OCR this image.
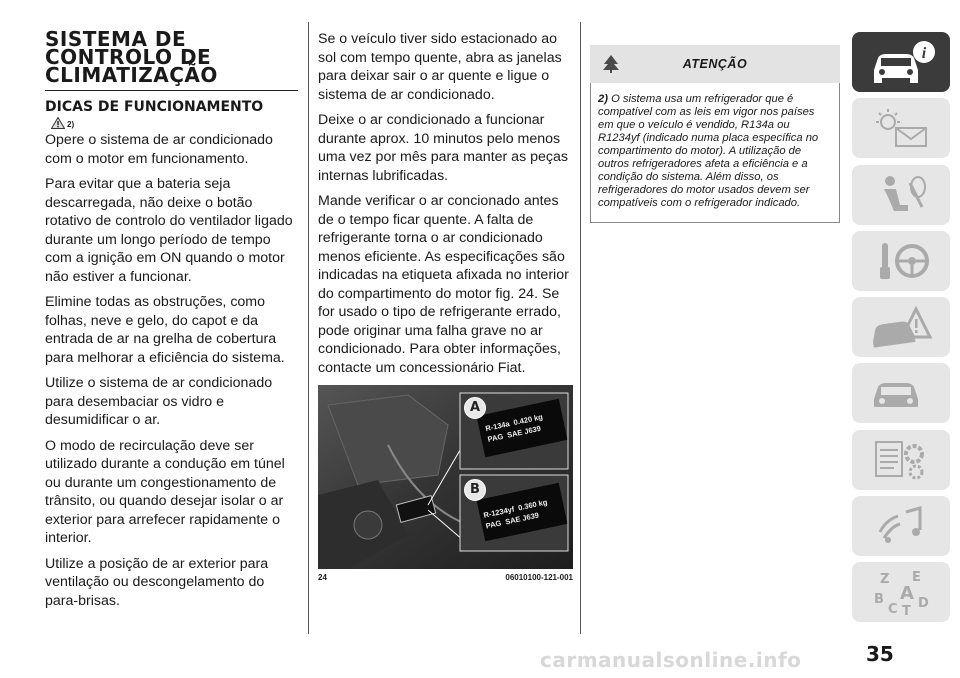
SISTEMA DE CONTROLO DE CLIMATIZAÇÃO
DICAS DE FUNCIONAMENTO
2)

Opere o sistema de ar condicionado com o motor em funcionamento.

Para evitar que a bateria seja descarregada, não deixe o botão rotativo de controlo do ventilador ligado durante um longo período de tempo com a ignição em ON quando o motor não estiver a funcionar.

Elimine todas as obstruções, como folhas, neve e gelo, do capot e da entrada de ar na grelha de cobertura para melhorar a eficiência do sistema.

Utilize o sistema de ar condicionado para desembaciar os vidro e desumidificar o ar.

O modo de recirculação deve ser utilizado durante a condução em túnel ou durante um congestionamento de trânsito, ou quando desejar isolar o ar exterior para arrefecer rapidamente o interior.

Utilize a posição de ar exterior para ventilação ou descongelamento do para-brisas.

Se o veículo tiver sido estacionado ao sol com tempo quente, abra as janelas para deixar sair o ar quente e ligue o sistema de ar condicionado.

Deixe o ar condicionado a funcionar durante aprox. 10 minutos pelo menos uma vez por mês para manter as peças internas lubrificadas.

Mande verificar o ar concionado antes de o tempo ficar quente. A falta de refrigerante torna o ar condicionado menos eficiente. As especificações são indicadas na etiqueta afixada no interior do compartimento do motor fig. 24. Se for usado o tipo de refrigerante errado, pode originar uma falha grave no ar condicionado. Para obter informações, contacte um concessionário Fiat.

A
R-134a 0.420 kg
PAG SAE J639
B
R-1234yf 0.360 kg
PAG SAE J639
24	06010100-121-001
ATENÇÃO
2) O sistema usa um refrigerador que é compatível com as leis em vigor nos países em que o veículo é vendido, R134a ou R1234yf (indicado numa placa específica no compartimento do motor). A utilização de outros refrigeradores afeta a eficiência e a condição do sistema. Além disso, os refrigeradores do motor usados devem ser compatíveis com o refrigerador indicado.
i
Z E
A
B	D
C T
carmanualsonline.info	35
